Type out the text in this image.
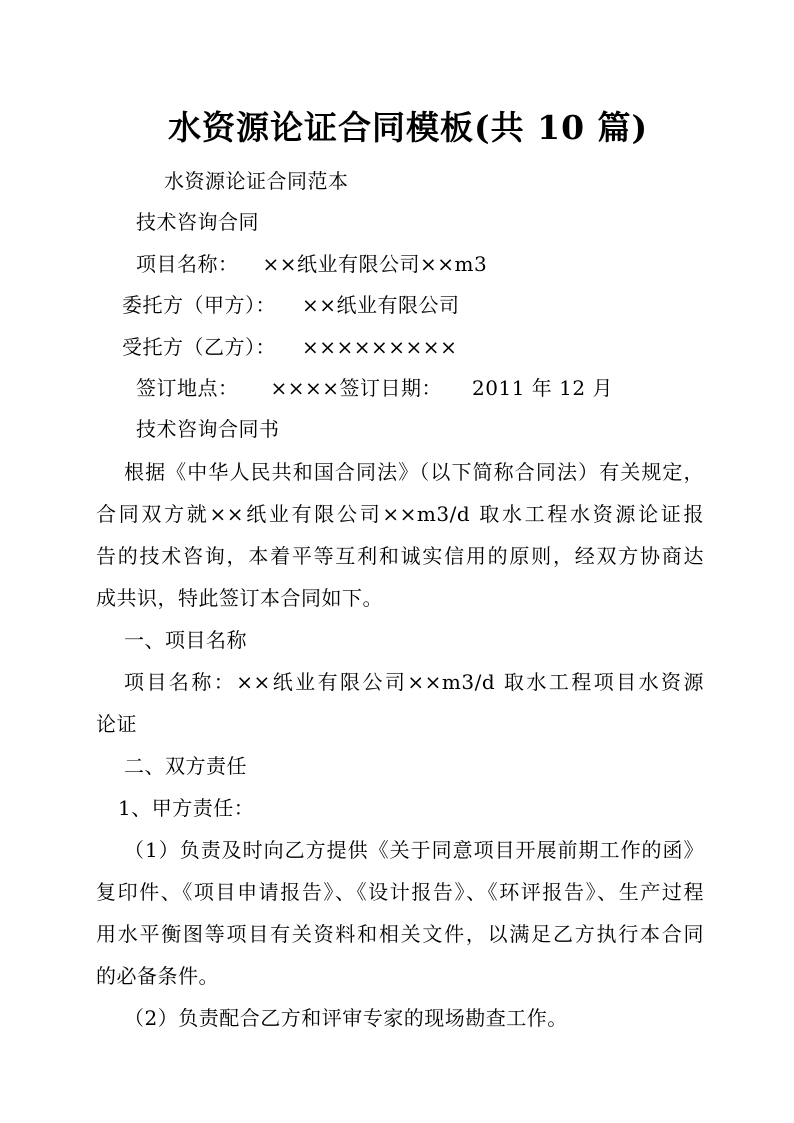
水资源论证合同模板(共 10 篇)
水资源论证合同范本
技术咨询合同
项目名称： ××纸业有限公司××m3
委托方（甲方）： ××纸业有限公司
受托方（乙方）： ×××××××××
签订地点： ××××签订日期： 2011 年 12 月
技术咨询合同书
根据《中华人民共和国合同法》（以下简称合同法）有关规定，
合同双方就××纸业有限公司××m3/d 取水工程水资源论证报
告的技术咨询，本着平等互利和诚实信用的原则，经双方协商达
成共识，特此签订本合同如下。
一、项目名称
项目名称：××纸业有限公司××m3/d 取水工程项目水资源
论证
二、双方责任
1、甲方责任：
（1）负责及时向乙方提供《关于同意项目开展前期工作的函》
复印件、《项目申请报告》、《设计报告》、《环评报告》、生产过程
用水平衡图等项目有关资料和相关文件，以满足乙方执行本合同
的必备条件。
（2）负责配合乙方和评审专家的现场勘查工作。
